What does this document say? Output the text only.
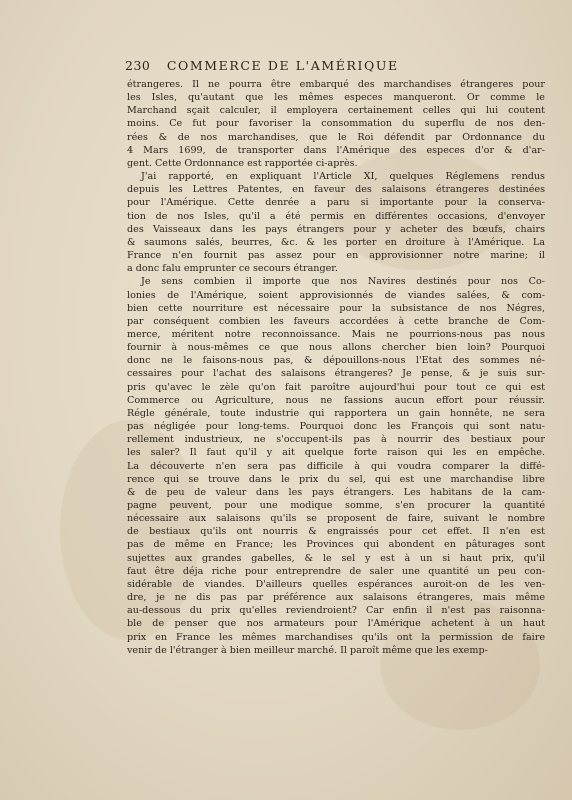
230 COMMERCE DE L'AMÉRIQUE

étrangeres. Il ne pourra être embarqué des marchandises étrangeres pour
les Isles, qu'autant que les mêmes especes manqueront. Or comme le
Marchand sçait calculer, il employera certainement celles qui lui coutent
moins. Ce fut pour favoriser la consommation du superflu de nos den-
rées & de nos marchandises, que le Roi défendit par Ordonnance du
4 Mars 1699, de transporter dans l'Amérique des especes d'or & d'ar-
gent. Cette Ordonnance est rapportée ci-après.

J'ai rapporté, en expliquant l'Article XI, quelques Réglemens rendus
depuis les Lettres Patentes, en faveur des salaisons étrangeres destinées
pour l'Amérique. Cette denrée a paru si importante pour la conserva-
tion de nos Isles, qu'il a été permis en différentes occasions, d'envoyer
des Vaisseaux dans les pays étrangers pour y acheter des bœufs, chairs
& saumons salés, beurres, &c. & les porter en droiture à l'Amérique. La
France n'en fournit pas assez pour en approvisionner notre marine; il
a donc falu emprunter ce secours étranger.

Je sens combien il importe que nos Navires destinés pour nos Co-
lonies de l'Amérique, soient approvisionnés de viandes salées, & com-
bien cette nourriture est nécessaire pour la subsistance de nos Négres,
par conséquent combien les faveurs accordées à cette branche de Com-
merce, méritent notre reconnoissance. Mais ne pourrions-nous pas nous
fournir à nous-mêmes ce que nous allons chercher bien loin? Pourquoi
donc ne le faisons-nous pas, & dépouillons-nous l'Etat des sommes né-
cessaires pour l'achat des salaisons étrangeres? Je pense, & je suis sur-
pris qu'avec le zèle qu'on fait paroître aujourd'hui pour tout ce qui est
Commerce ou Agriculture, nous ne fassions aucun effort pour réussir.
Régle générale, toute industrie qui rapportera un gain honnête, ne sera
pas négligée pour long-tems. Pourquoi donc les François qui sont natu-
rellement industrieux, ne s'occupent-ils pas à nourrir des bestiaux pour
les saler? Il faut qu'il y ait quelque forte raison qui les en empêche.
La découverte n'en sera pas difficile à qui voudra comparer la diffé-
rence qui se trouve dans le prix du sel, qui est une marchandise libre
& de peu de valeur dans les pays étrangers. Les habitans de la cam-
pagne peuvent, pour une modique somme, s'en procurer la quantité
nécessaire aux salaisons qu'ils se proposent de faire, suivant le nombre
de bestiaux qu'ils ont nourris & engraissés pour cet effet. Il n'en est
pas de même en France; les Provinces qui abondent en pâturages sont
sujettes aux grandes gabelles, & le sel y est à un si haut prix, qu'il
faut être déja riche pour entreprendre de saler une quantité un peu con-
sidérable de viandes. D'ailleurs quelles espérances auroit-on de les ven-
dre, je ne dis pas par préférence aux salaisons étrangeres, mais même
au-dessous du prix qu'elles reviendroient? Car enfin il n'est pas raisonna-
ble de penser que nos armateurs pour l'Amérique achetent à un haut
prix en France les mêmes marchandises qu'ils ont la permission de faire
venir de l'étranger à bien meilleur marché. Il paroît même que les exemp-
